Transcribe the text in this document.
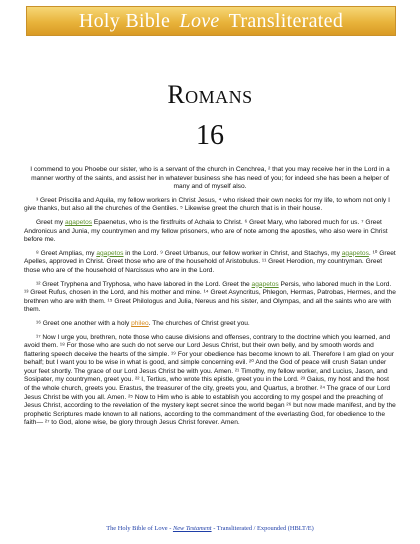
Holy Bible Love Transliterated
Romans
16

I commend to you Phoebe our sister, who is a servant of the church in Cenchrea, ² that you may receive her in the Lord in a manner worthy of the saints, and assist her in whatever business she has need of you; for indeed she has been a helper of many and of myself also.

³ Greet Priscilla and Aquila, my fellow workers in Christ Jesus, ⁴ who risked their own necks for my life, to whom not only I give thanks, but also all the churches of the Gentiles. ⁵ Likewise greet the church that is in their house.

Greet my agapetos Epaenetus, who is the firstfruits of Achaia to Christ. ⁶ Greet Mary, who labored much for us. ⁷ Greet Andronicus and Junia, my countrymen and my fellow prisoners, who are of note among the apostles, who also were in Christ before me.

⁸ Greet Amplias, my agapetos in the Lord. ⁹ Greet Urbanus, our fellow worker in Christ, and Stachys, my agapetos. ¹⁰ Greet Apelles, approved in Christ. Greet those who are of the household of Aristobulus. ¹¹ Greet Herodion, my countryman. Greet those who are of the household of Narcissus who are in the Lord.

¹² Greet Tryphena and Tryphosa, who have labored in the Lord. Greet the agapetos Persis, who labored much in the Lord. ¹³ Greet Rufus, chosen in the Lord, and his mother and mine. ¹⁴ Greet Asyncritus, Phlegon, Hermas, Patrobas, Hermes, and the brethren who are with them. ¹⁵ Greet Philologus and Julia, Nereus and his sister, and Olympas, and all the saints who are with them.

¹⁶ Greet one another with a holy phileo. The churches of Christ greet you.

¹⁷ Now I urge you, brethren, note those who cause divisions and offenses, contrary to the doctrine which you learned, and avoid them. ¹⁸ For those who are such do not serve our Lord Jesus Christ, but their own belly, and by smooth words and flattering speech deceive the hearts of the simple. ¹⁹ For your obedience has become known to all. Therefore I am glad on your behalf; but I want you to be wise in what is good, and simple concerning evil. ²⁰ And the God of peace will crush Satan under your feet shortly. The grace of our Lord Jesus Christ be with you. Amen. ²¹ Timothy, my fellow worker, and Lucius, Jason, and Sosipater, my countrymen, greet you. ²² I, Tertius, who wrote this epistle, greet you in the Lord. ²³ Gaius, my host and the host of the whole church, greets you. Erastus, the treasurer of the city, greets you, and Quartus, a brother. ²⁴ The grace of our Lord Jesus Christ be with you all. Amen. ²⁵ Now to Him who is able to establish you according to my gospel and the preaching of Jesus Christ, according to the revelation of the mystery kept secret since the world began ²⁶ but now made manifest, and by the prophetic Scriptures made known to all nations, according to the commandment of the everlasting God, for obedience to the faith— ²⁷ to God, alone wise, be glory through Jesus Christ forever. Amen.

The Holy Bible of Love - New Testament - Transliterated / Expounded (HBLT/E)
